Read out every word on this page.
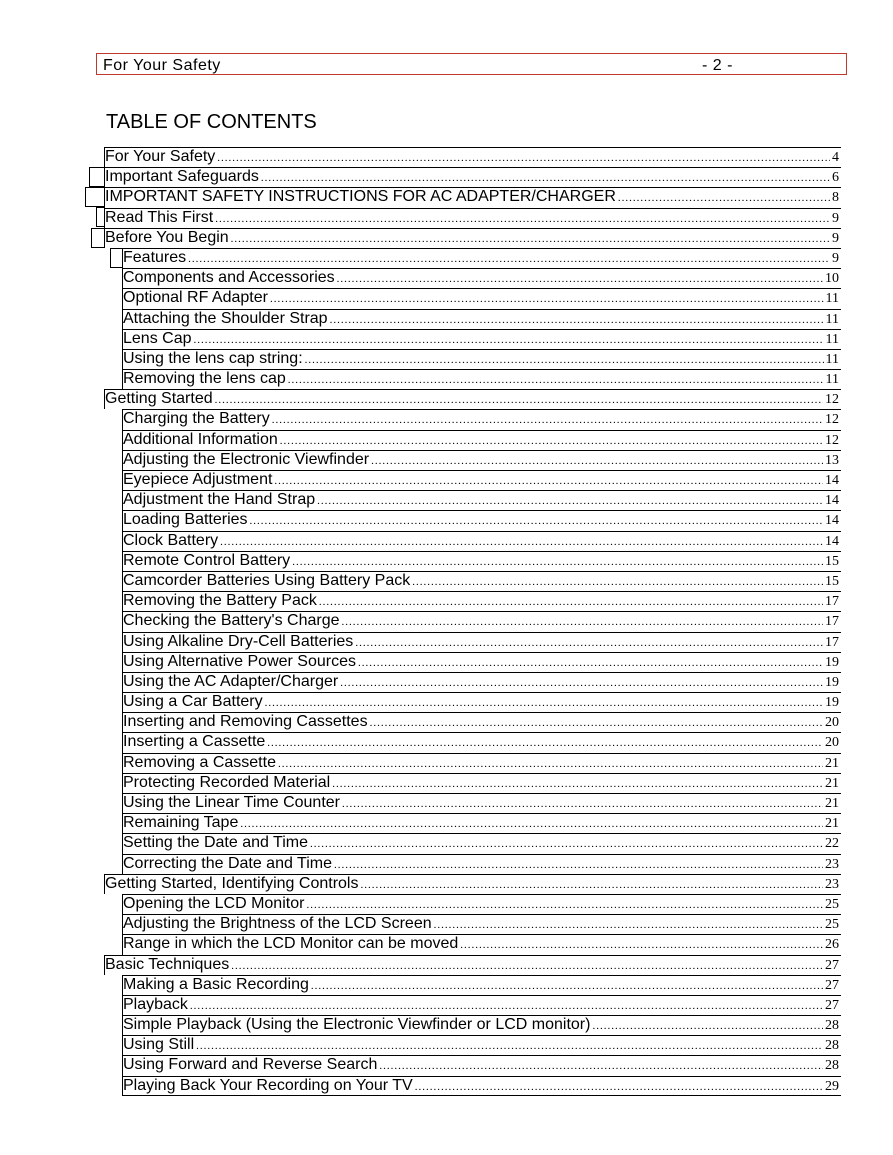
For Your Safety	- 2 -
TABLE OF CONTENTS
For Your Safety .....	4
Important Safeguards .....	6
IMPORTANT SAFETY INSTRUCTIONS FOR AC ADAPTER/CHARGER .....	8
Read This First .....	9
Before You Begin .....	9
Features .....	9
Components and Accessories .....	10
Optional RF Adapter .....	11
Attaching the Shoulder Strap .....	11
Lens Cap .....	11
Using the lens cap string: .....	11
Removing the lens cap .....	11
Getting Started .....	12
Charging the Battery .....	12
Additional Information .....	12
Adjusting the Electronic Viewfinder .....	13
Eyepiece Adjustment .....	14
Adjustment the Hand Strap .....	14
Loading Batteries .....	14
Clock Battery .....	14
Remote Control Battery .....	15
Camcorder Batteries Using Battery Pack .....	15
Removing the Battery Pack .....	17
Checking the Battery's Charge .....	17
Using Alkaline Dry-Cell Batteries .....	17
Using Alternative Power Sources .....	19
Using the AC Adapter/Charger .....	19
Using a Car Battery .....	19
Inserting and Removing Cassettes .....	20
Inserting a Cassette .....	20
Removing a Cassette .....	21
Protecting Recorded Material .....	21
Using the Linear Time Counter .....	21
Remaining Tape .....	21
Setting the Date and Time .....	22
Correcting the Date and Time .....	23
Getting Started, Identifying Controls .....	23
Opening the LCD Monitor .....	25
Adjusting the Brightness of the LCD Screen .....	25
Range in which the LCD Monitor can be moved .....	26
Basic Techniques .....	27
Making a Basic Recording .....	27
Playback .....	27
Simple Playback (Using the Electronic Viewfinder or LCD monitor) .....	28
Using Still .....	28
Using Forward and Reverse Search .....	28
Playing Back Your Recording on Your TV .....	29
